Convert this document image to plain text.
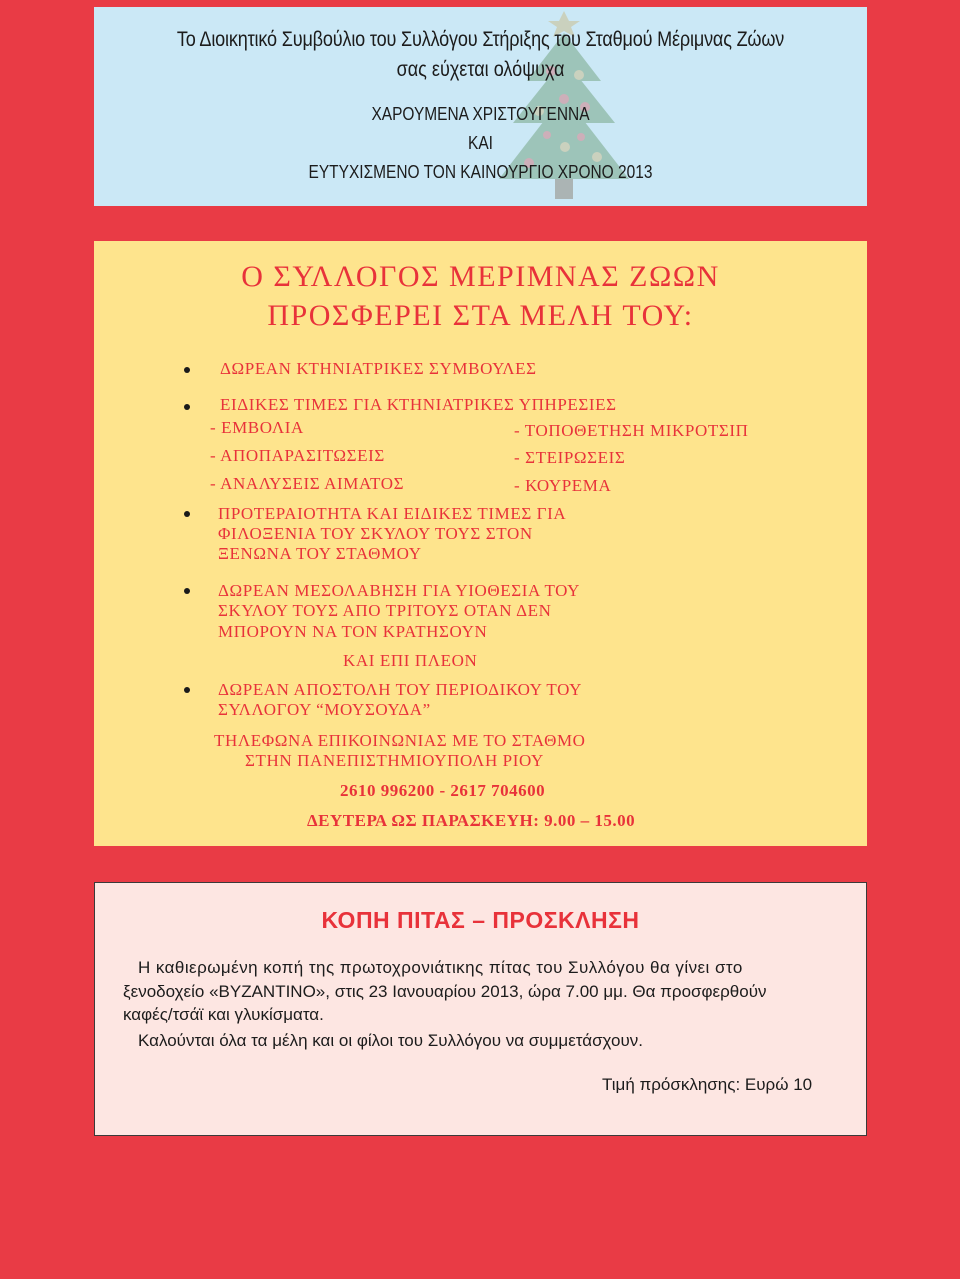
Το Διοικητικό Συμβούλιο του Συλλόγου Στήριξης του Σταθμού Μέριμνας Ζώων
σας εύχεται ολόψυχα
ΧΑΡΟΥΜΕΝΑ ΧΡΙΣΤΟΥΓΕΝΝΑ
ΚΑΙ
ΕΥΤΥΧΙΣΜΕΝΟ ΤΟΝ ΚΑΙΝΟΥΡΓΙΟ ΧΡΟΝΟ 2013
Ο ΣΥΛΛΟΓΟΣ ΜΕΡΙΜΝΑΣ ΖΩΩΝ
ΠΡΟΣΦΕΡΕΙ ΣΤΑ ΜΕΛΗ ΤΟΥ:
ΔΩΡΕΑΝ ΚΤΗΝΙΑΤΡΙΚΕΣ ΣΥΜΒΟΥΛΕΣ
ΕΙΔΙΚΕΣ ΤΙΜΕΣ ΓΙΑ ΚΤΗΝΙΑΤΡΙΚΕΣ ΥΠΗΡΕΣΙΕΣ
- ΕΜΒΟΛΙΑ
- ΑΠΟΠΑΡΑΣΙΤΩΣΕΙΣ
- ΑΝΑΛΥΣΕΙΣ ΑΙΜΑΤΟΣ
- ΤΟΠΟΘΕΤΗΣΗ ΜΙΚΡΟΤΣΙΠ
- ΣΤΕΙΡΩΣΕΙΣ
- ΚΟΥΡΕΜΑ
ΠΡΟΤΕΡΑΙΟΤΗΤΑ ΚΑΙ ΕΙΔΙΚΕΣ ΤΙΜΕΣ ΓΙΑ
ΦΙΛΟΞΕΝΙΑ ΤΟΥ ΣΚΥΛΟΥ ΤΟΥΣ ΣΤΟΝ
ΞΕΝΩΝΑ ΤΟΥ ΣΤΑΘΜΟΥ
ΔΩΡΕΑΝ ΜΕΣΟΛΑΒΗΣΗ ΓΙΑ ΥΙΟΘΕΣΙΑ ΤΟΥ
ΣΚΥΛΟΥ ΤΟΥΣ ΑΠΟ ΤΡΙΤΟΥΣ ΟΤΑΝ ΔΕΝ
ΜΠΟΡΟΥΝ ΝΑ ΤΟΝ ΚΡΑΤΗΣΟΥΝ
ΚΑΙ ΕΠΙ ΠΛΕΟΝ
ΔΩΡΕΑΝ ΑΠΟΣΤΟΛΗ ΤΟΥ ΠΕΡΙΟΔΙΚΟΥ ΤΟΥ
ΣΥΛΛΟΓΟΥ “ΜΟΥΣΟΥΔΑ”
ΤΗΛΕΦΩΝΑ ΕΠΙΚΟΙΝΩΝΙΑΣ ΜΕ ΤΟ ΣΤΑΘΜΟ
ΣΤΗΝ ΠΑΝΕΠΙΣΤΗΜΙΟΥΠΟΛΗ ΡΙΟΥ
2610 996200 - 2617 704600
ΔΕΥΤΕΡΑ ΩΣ ΠΑΡΑΣΚΕΥΗ: 9.00 – 15.00
ΚΟΠΗ ΠΙΤΑΣ – ΠΡΟΣΚΛΗΣΗ
Η καθιερωμένη κοπή της πρωτοχρονιάτικης πίτας του Συλλόγου θα γίνει στο
ξενοδοχείο «ΒΥΖΑΝΤΙΝΟ», στις 23 Ιανουαρίου 2013, ώρα 7.00 μμ. Θα προσφερθούν
καφές/τσάϊ και γλυκίσματα.
Καλούνται όλα τα μέλη και οι φίλοι του Συλλόγου να συμμετάσχουν.
Τιμή πρόσκλησης: Ευρώ 10
